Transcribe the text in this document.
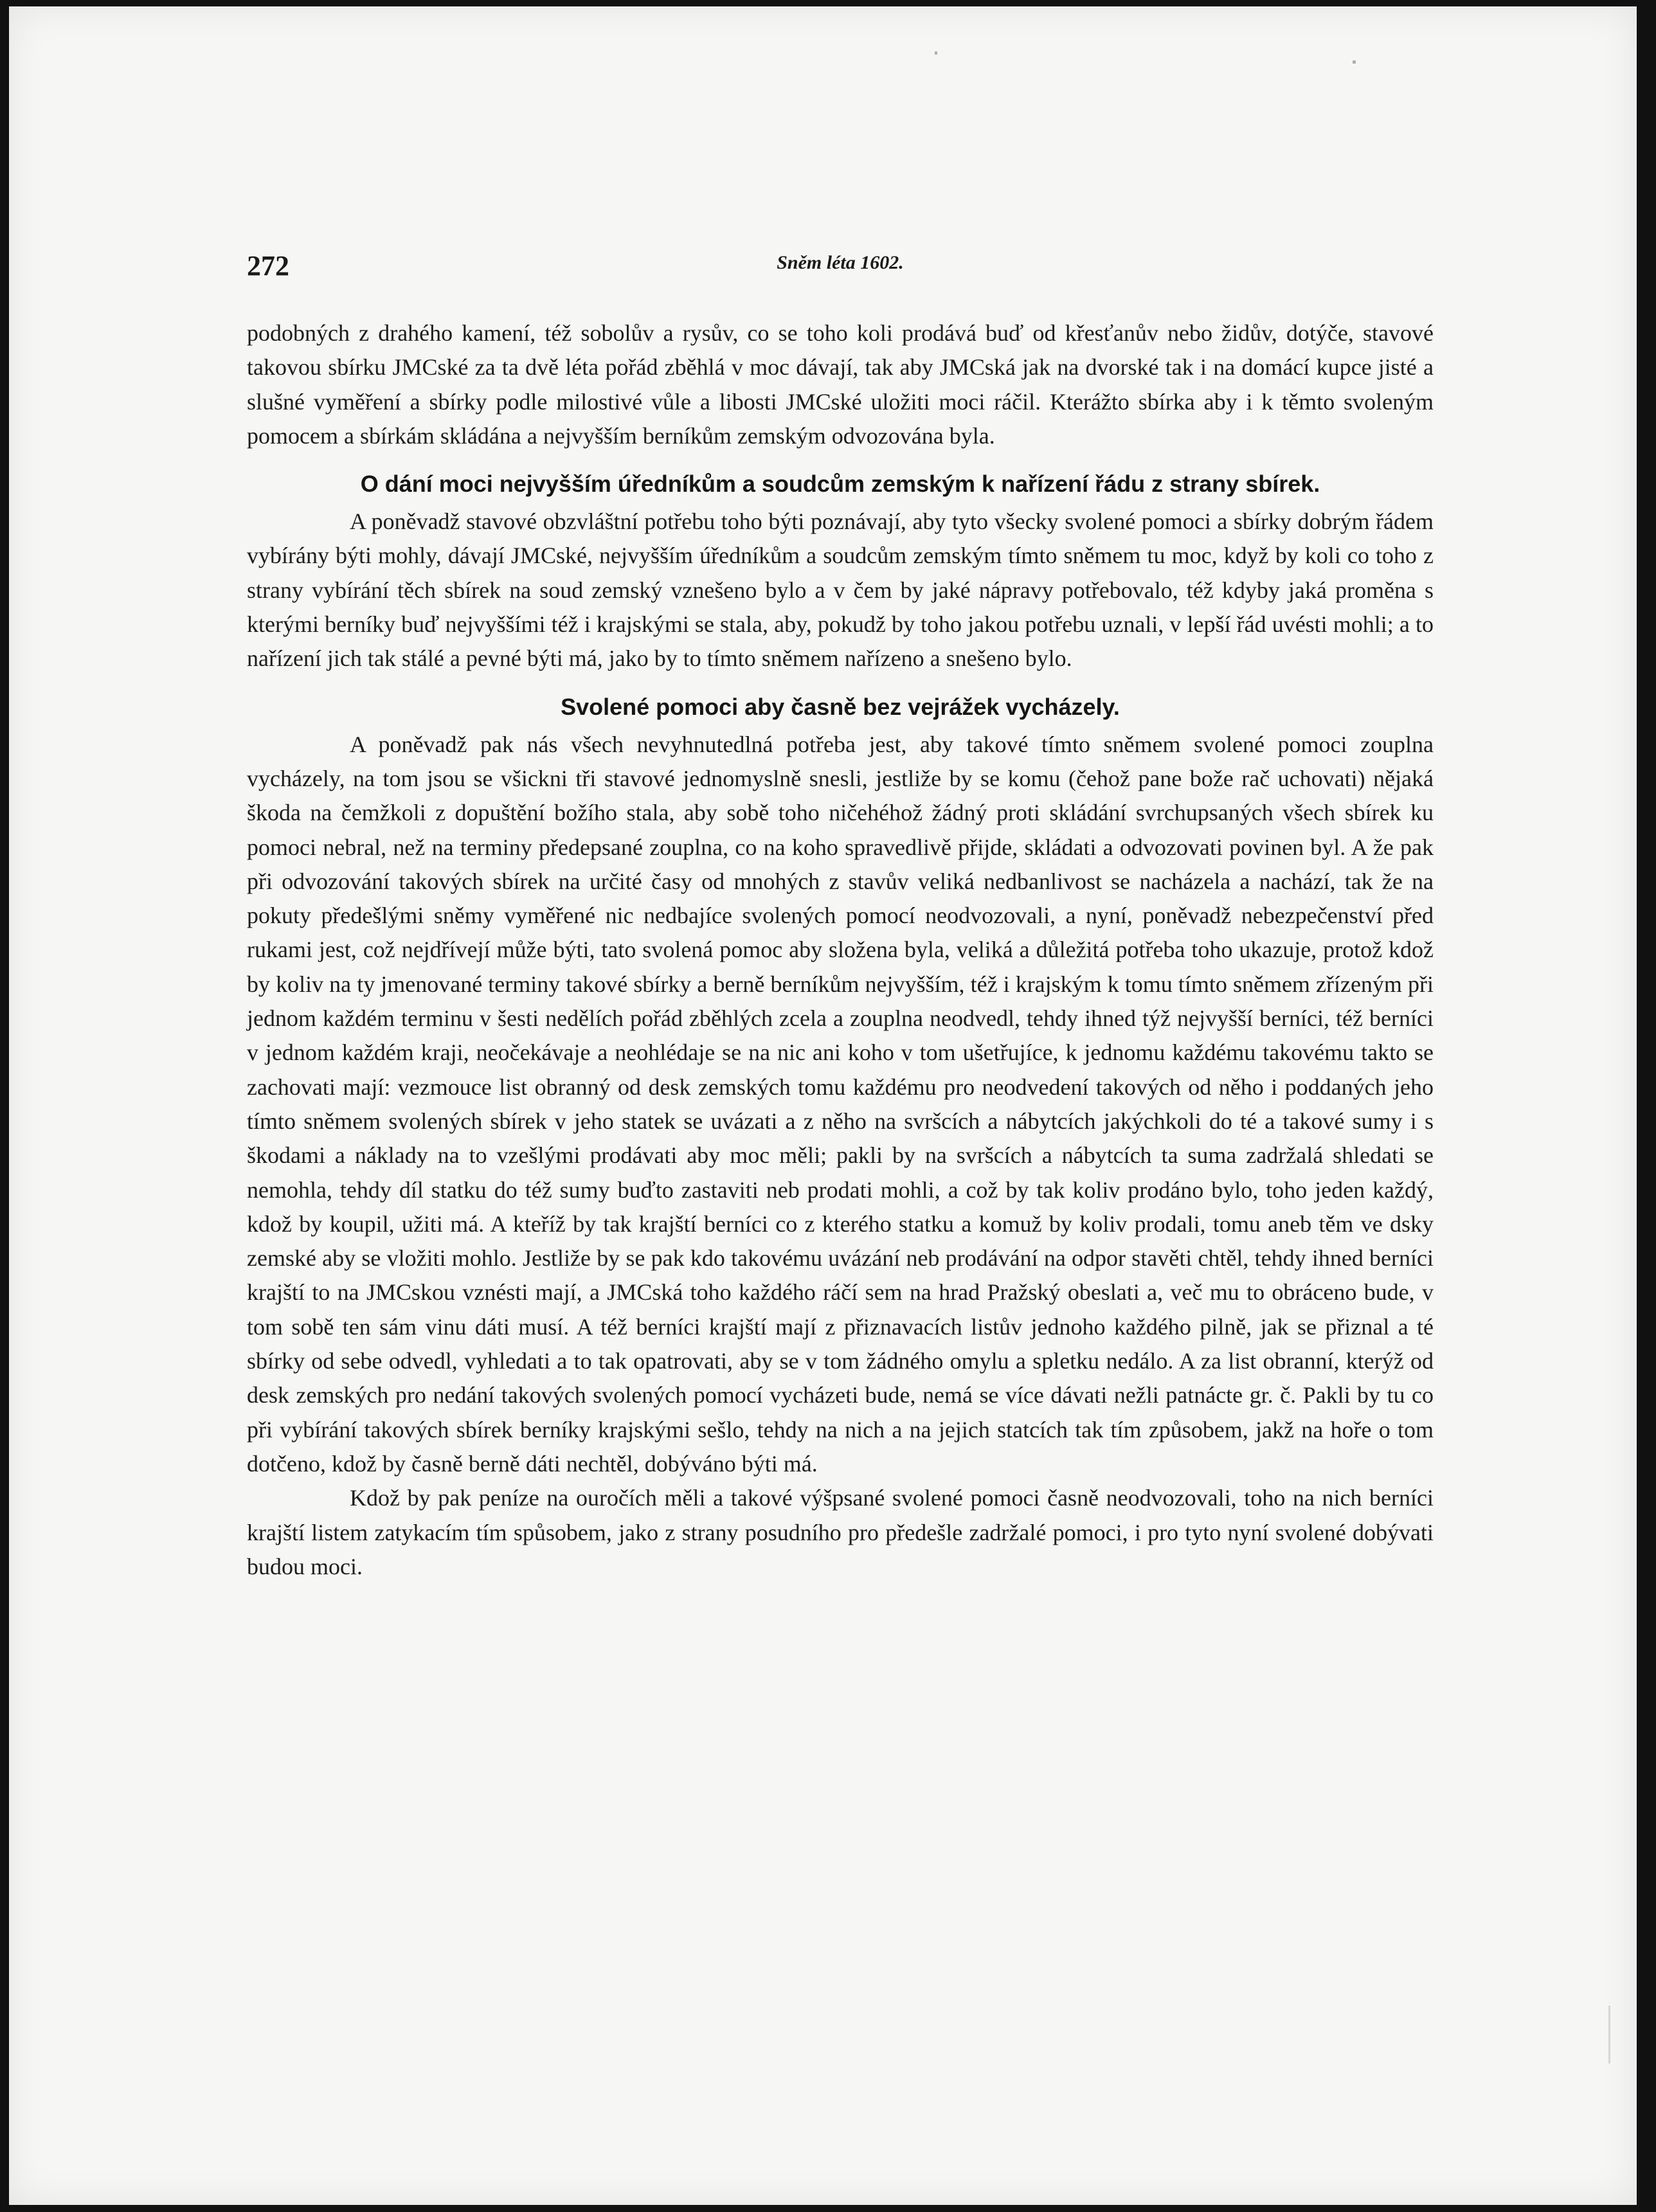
272	Sněm léta 1602.

podobných z drahého kamení, též sobolův a rysův, co se toho koli prodává buď od křesťanův nebo židův, dotýče, stavové takovou sbírku JMCské za ta dvě léta pořád zběhlá v moc dávají, tak aby JMCská jak na dvorské tak i na domácí kupce jisté a slušné vyměření a sbírky podle milostivé vůle a libosti JMCské uložiti moci ráčil. Kterážto sbírka aby i k těmto svoleným pomocem a sbírkám skládána a nejvyšším berníkům zemským odvozována byla.

O dání moci nejvyšším úředníkům a soudcům zemským k nařízení řádu z strany sbírek.

A poněvadž stavové obzvláštní potřebu toho býti poznávají, aby tyto všecky svolené pomoci a sbírky dobrým řádem vybírány býti mohly, dávají JMCské, nejvyšším úředníkům a soudcům zemským tímto sněmem tu moc, když by koli co toho z strany vybírání těch sbírek na soud zemský vznešeno bylo a v čem by jaké nápravy potřebovalo, též kdyby jaká proměna s kterými berníky buď nejvyššími též i krajskými se stala, aby, pokudž by toho jakou potřebu uznali, v lepší řád uvésti mohli; a to nařízení jich tak stálé a pevné býti má, jako by to tímto sněmem nařízeno a snešeno bylo.

Svolené pomoci aby časně bez vejrážek vycházely.

A poněvadž pak nás všech nevyhnutedlná potřeba jest, aby takové tímto sněmem svolené pomoci zouplna vycházely, na tom jsou se všickni tři stavové jednomyslně snesli, jestliže by se komu (čehož pane bože rač uchovati) nějaká škoda na čemžkoli z dopuštění božího stala, aby sobě toho ničehéhož žádný proti skládání svrchupsaných všech sbírek ku pomoci nebral, než na terminy předepsané zouplna, co na koho spravedlivě přijde, skládati a odvozovati povinen byl. A že pak při odvozování takových sbírek na určité časy od mnohých z stavův veliká nedbanlivost se nacházela a nachází, tak že na pokuty předešlými sněmy vyměřené nic nedbajíce svolených pomocí neodvozovali, a nyní, poněvadž nebezpečenství před rukami jest, což nejdřívejí může býti, tato svolená pomoc aby složena byla, veliká a důležitá potřeba toho ukazuje, protož kdož by koliv na ty jmenované terminy takové sbírky a berně berníkům nejvyšším, též i krajským k tomu tímto sněmem zřízeným při jednom každém terminu v šesti nedělích pořád zběhlých zcela a zouplna neodvedl, tehdy ihned týž nejvyšší berníci, též berníci v jednom každém kraji, neočekávaje a neohlédaje se na nic ani koho v tom ušetřujíce, k jednomu každému takovému takto se zachovati mají: vezmouce list obranný od desk zemských tomu každému pro neodvedení takových od něho i poddaných jeho tímto sněmem svolených sbírek v jeho statek se uvázati a z něho na svršcích a nábytcích jakýchkoli do té a takové sumy i s škodami a náklady na to vzešlými prodávati aby moc měli; pakli by na svršcích a nábytcích ta suma zadržalá shledati se nemohla, tehdy díl statku do též sumy buďto zastaviti neb prodati mohli, a což by tak koliv prodáno bylo, toho jeden každý, kdož by koupil, užiti má. A kteříž by tak krajští berníci co z kterého statku a komuž by koliv prodali, tomu aneb těm ve dsky zemské aby se vložiti mohlo. Jestliže by se pak kdo takovému uvázání neb prodávání na odpor stavěti chtěl, tehdy ihned berníci krajští to na JMCskou vznésti mají, a JMCská toho každého ráčí sem na hrad Pražský obeslati a, več mu to obráceno bude, v tom sobě ten sám vinu dáti musí. A též berníci krajští mají z přiznavacích listův jednoho každého pilně, jak se přiznal a té sbírky od sebe odvedl, vyhledati a to tak opatrovati, aby se v tom žádného omylu a spletku nedálo. A za list obranní, kterýž od desk zemských pro nedání takových svolených pomocí vycházeti bude, nemá se více dávati nežli patnácte gr. č. Pakli by tu co při vybírání takových sbírek berníky krajskými sešlo, tehdy na nich a na jejich statcích tak tím způsobem, jakž na hoře o tom dotčeno, kdož by časně berně dáti nechtěl, dobýváno býti má.

Kdož by pak peníze na ouročích měli a takové výšpsané svolené pomoci časně neodvozovali, toho na nich berníci krajští listem zatykacím tím spůsobem, jako z strany posudního pro předešle zadržalé pomoci, i pro tyto nyní svolené dobývati budou moci.
